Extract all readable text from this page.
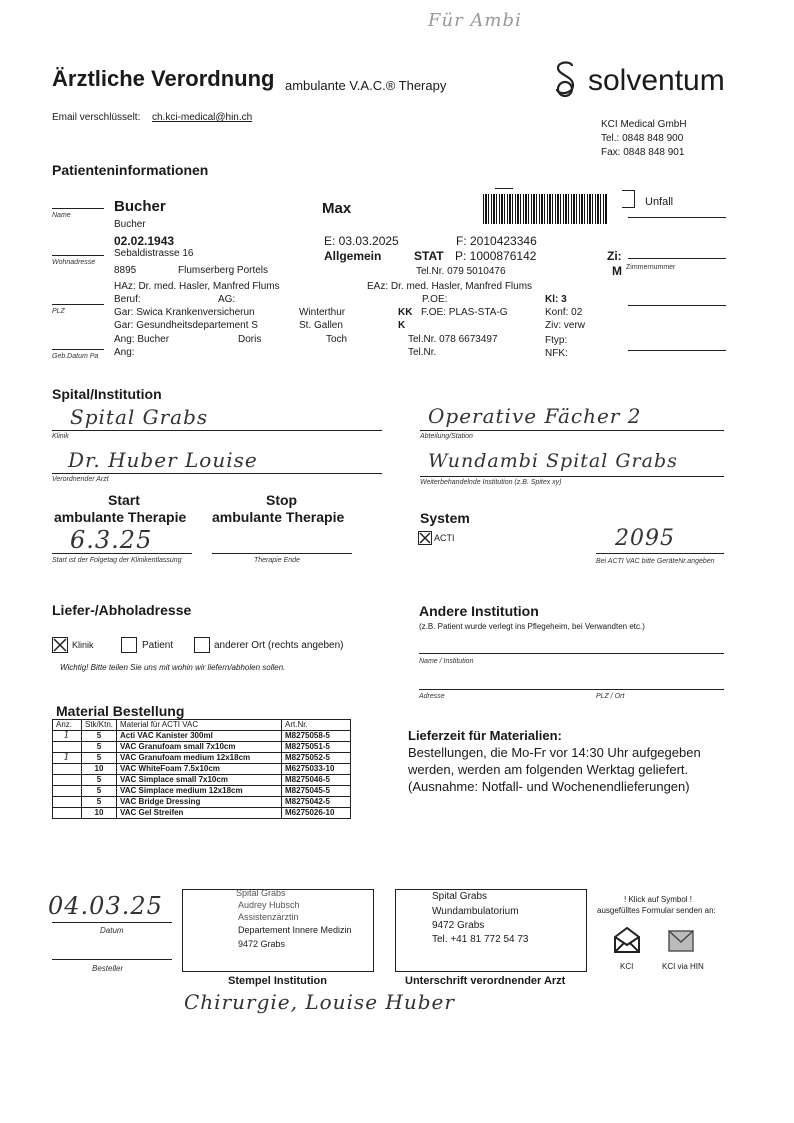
Für Ambi
Ärztliche Verordnung ambulante V.A.C.® Therapy	solventum
Email verschlüsselt: ch.kci-medical@hin.ch
KCI Medical GmbH
Tel.: 0848 848 900
Fax: 0848 848 901
Patienteninformationen
Name
Wohnadresse
PLZ
Geb.Datum Pa
Bucher	Max	Unfall
Bucher
02.02.1943	E: 03.03.2025	F: 2010423346
Sebaldistrasse 16	Allgemein	STAT P: 1000876142	Zi:
8895	Flumserberg Portels	Tel.Nr. 079 5010476	M Zimmernummer
HAz: Dr. med. Hasler, Manfred Flums	EAz: Dr. med. Hasler, Manfred Flums
Beruf:	AG:	P.OE:	Kl: 3
Gar: Swica Krankenversicherun	Winterthur	KK F.OE: PLAS-STA-G	Konf: 02
Gar: Gesundheitsdepartement S	St. Gallen	K	Ziv: verw
Ang: Bucher	Doris	Toch	Tel.Nr. 078 6673497	Ftyp:
Ang:	Tel.Nr.	NFK:
Spital/Institution
Spital Grabs
Klinik
Dr. Huber Louise
Verordnender Arzt
Operative Fächer 2
Abteilung/Station
Wundambi Spital Grabs
Weiterbehandelnde Institution (z.B. Spitex xy)
Start
ambulante Therapie
Stop
ambulante Therapie
6.3.25
Start ist der Folgetag der Klinikentlassung	Therapie Ende
System
ACTI	2095
Bei ACTI VAC bitte GeräteNr.angeben
Liefer-/Abholadresse
Klinik	Patient	anderer Ort (rechts angeben)
Wichtig! Bitte teilen Sie uns mit wohin wir liefern/abholen sollen.
Andere Institution
(z.B. Patient wurde verlegt ins Pflegeheim, bei Verwandten etc.)
Name / Institution
Adresse	PLZ / Ort
Material Bestellung
Anz.	Stk/Ktn.	Material für ACTI VAC	Art.Nr.
1	5	Acti VAC Kanister 300ml	M8275058-5
	5	VAC Granufoam small 7x10cm	M8275051-5
1	5	VAC Granufoam medium 12x18cm	M8275052-5
	10	VAC WhiteFoam 7.5x10cm	M6275033-10
	5	VAC Simplace small 7x10cm	M8275046-5
	5	VAC Simplace medium 12x18cm	M8275045-5
	5	VAC Bridge Dressing	M8275042-5
	10	VAC Gel Streifen	M6275026-10
Lieferzeit für Materialien:
Bestellungen, die Mo-Fr vor 14:30 Uhr aufgegeben
werden, werden am folgenden Werktag geliefert.
(Ausnahme: Notfall- und Wochenendlieferungen)
04.03.25
Datum
Besteller
Spital Grabs
Audrey Hubsch
Assistenzärztin
Departement Innere Medizin
9472 Grabs
Stempel Institution
Spital Grabs
Wundambulatorium
9472 Grabs
Tel. +41 81 772 54 73
Unterschrift verordnender Arzt
Chirurgie, Louise Huber
! Klick auf Symbol !
ausgefülltes Formular senden an:
KCI	KCI via HIN
